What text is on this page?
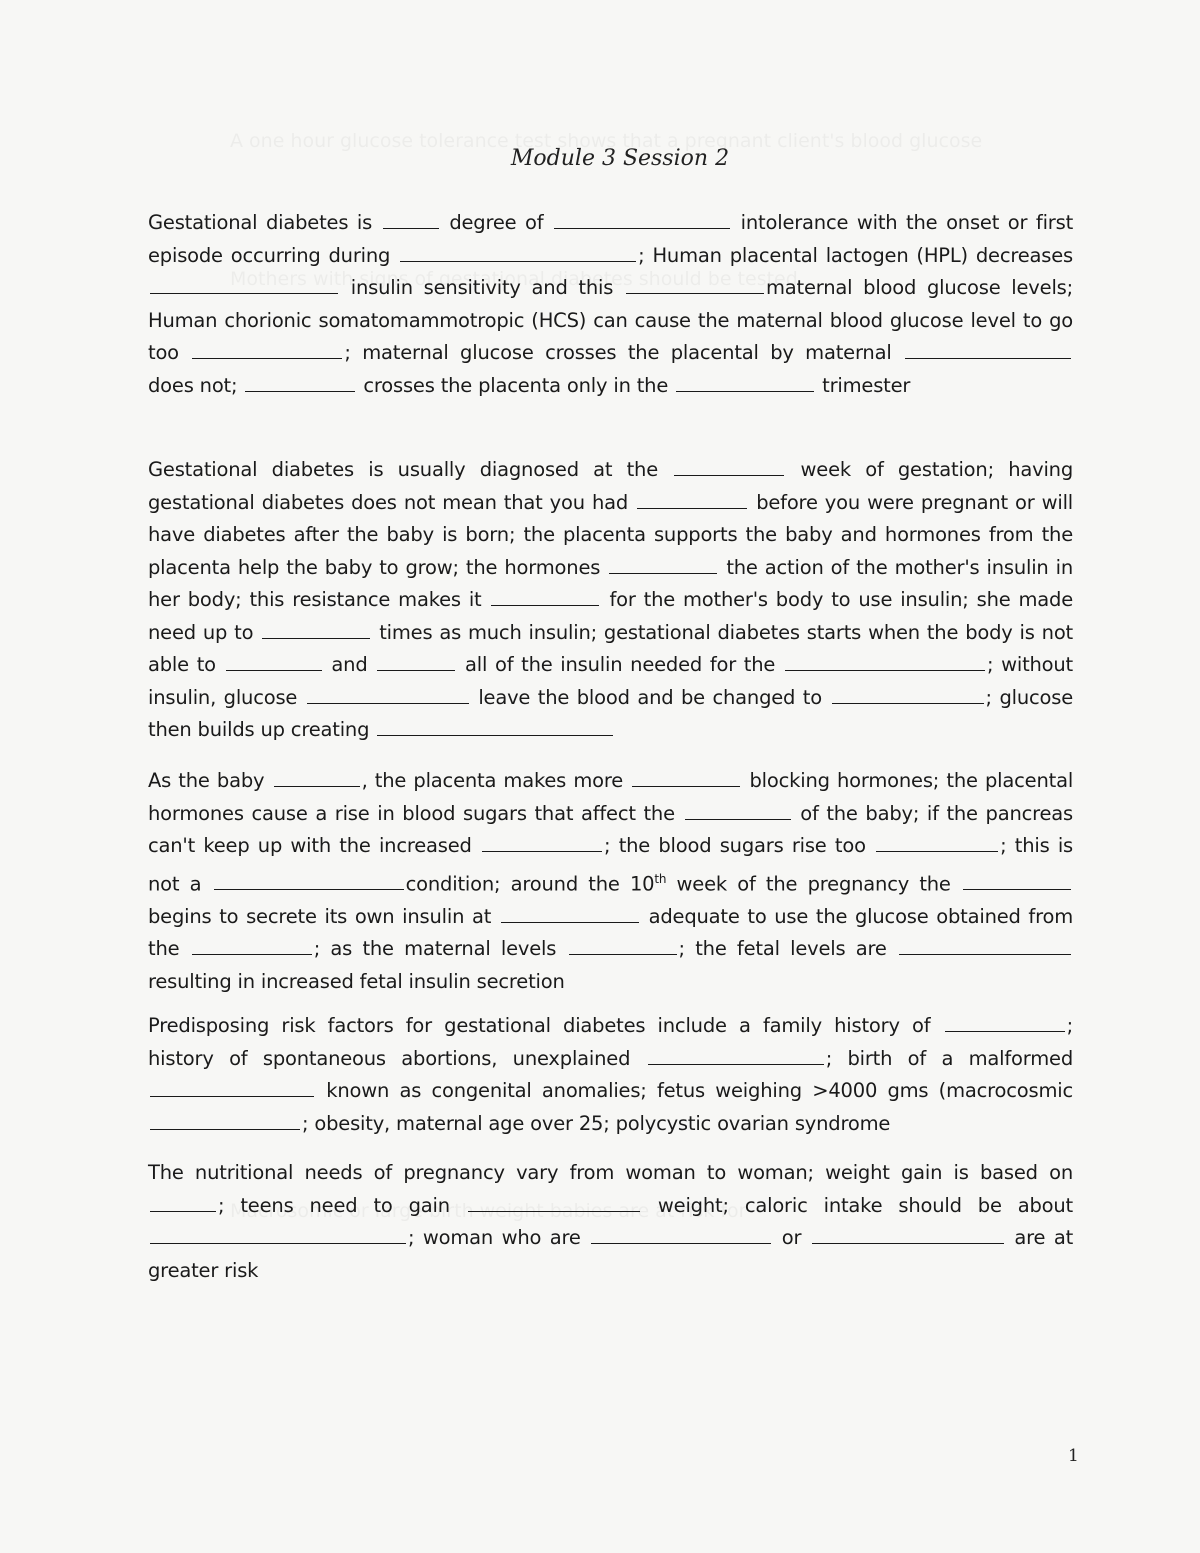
Module 3 Session 2

Gestational diabetes is	degree of	intolerance with the onset or first episode occurring during	; Human placental lactogen (HPL) decreases  insulin sensitivity and this	maternal blood glucose levels; Human chorionic somatomammotropic (HCS) can cause the maternal blood glucose level to go too	; maternal glucose crosses the placental by maternal  does not;	crosses the placenta only in the	trimester

Gestational diabetes is usually diagnosed at the	week of gestation; having gestational diabetes does not mean that you had	before you were pregnant or will have diabetes after the baby is born; the placenta supports the baby and hormones from the placenta help the baby to grow; the hormones	the action of the mother's insulin in her body; this resistance makes it	for the mother's body to use insulin; she made need up to	times as much insulin; gestational diabetes starts when the body is not able to	and	all of the insulin needed for the	; without insulin, glucose	leave the blood and be changed to	; glucose then builds up creating

As the baby	, the placenta makes more	blocking hormones; the placental hormones cause a rise in blood sugars that affect the	of the baby; if the pancreas can't keep up with the increased	; the blood sugars rise too	; this is not a	condition; around the 10th week of the pregnancy the  begins to secrete its own insulin at	adequate to use the glucose obtained from the	; as the maternal levels	; the fetal levels are  resulting in increased fetal insulin secretion

Predisposing risk factors for gestational diabetes include a family history of	; history of spontaneous abortions, unexplained	; birth of a malformed  known as congenital anomalies; fetus weighing >4000 gms (macrocosmic ; obesity, maternal age over 25; polycystic ovarian syndrome

The nutritional needs of pregnancy vary from woman to woman; weight gain is based on ; teens need to gain	weight; caloric intake should be about ; woman who are	or	are at greater risk

1
